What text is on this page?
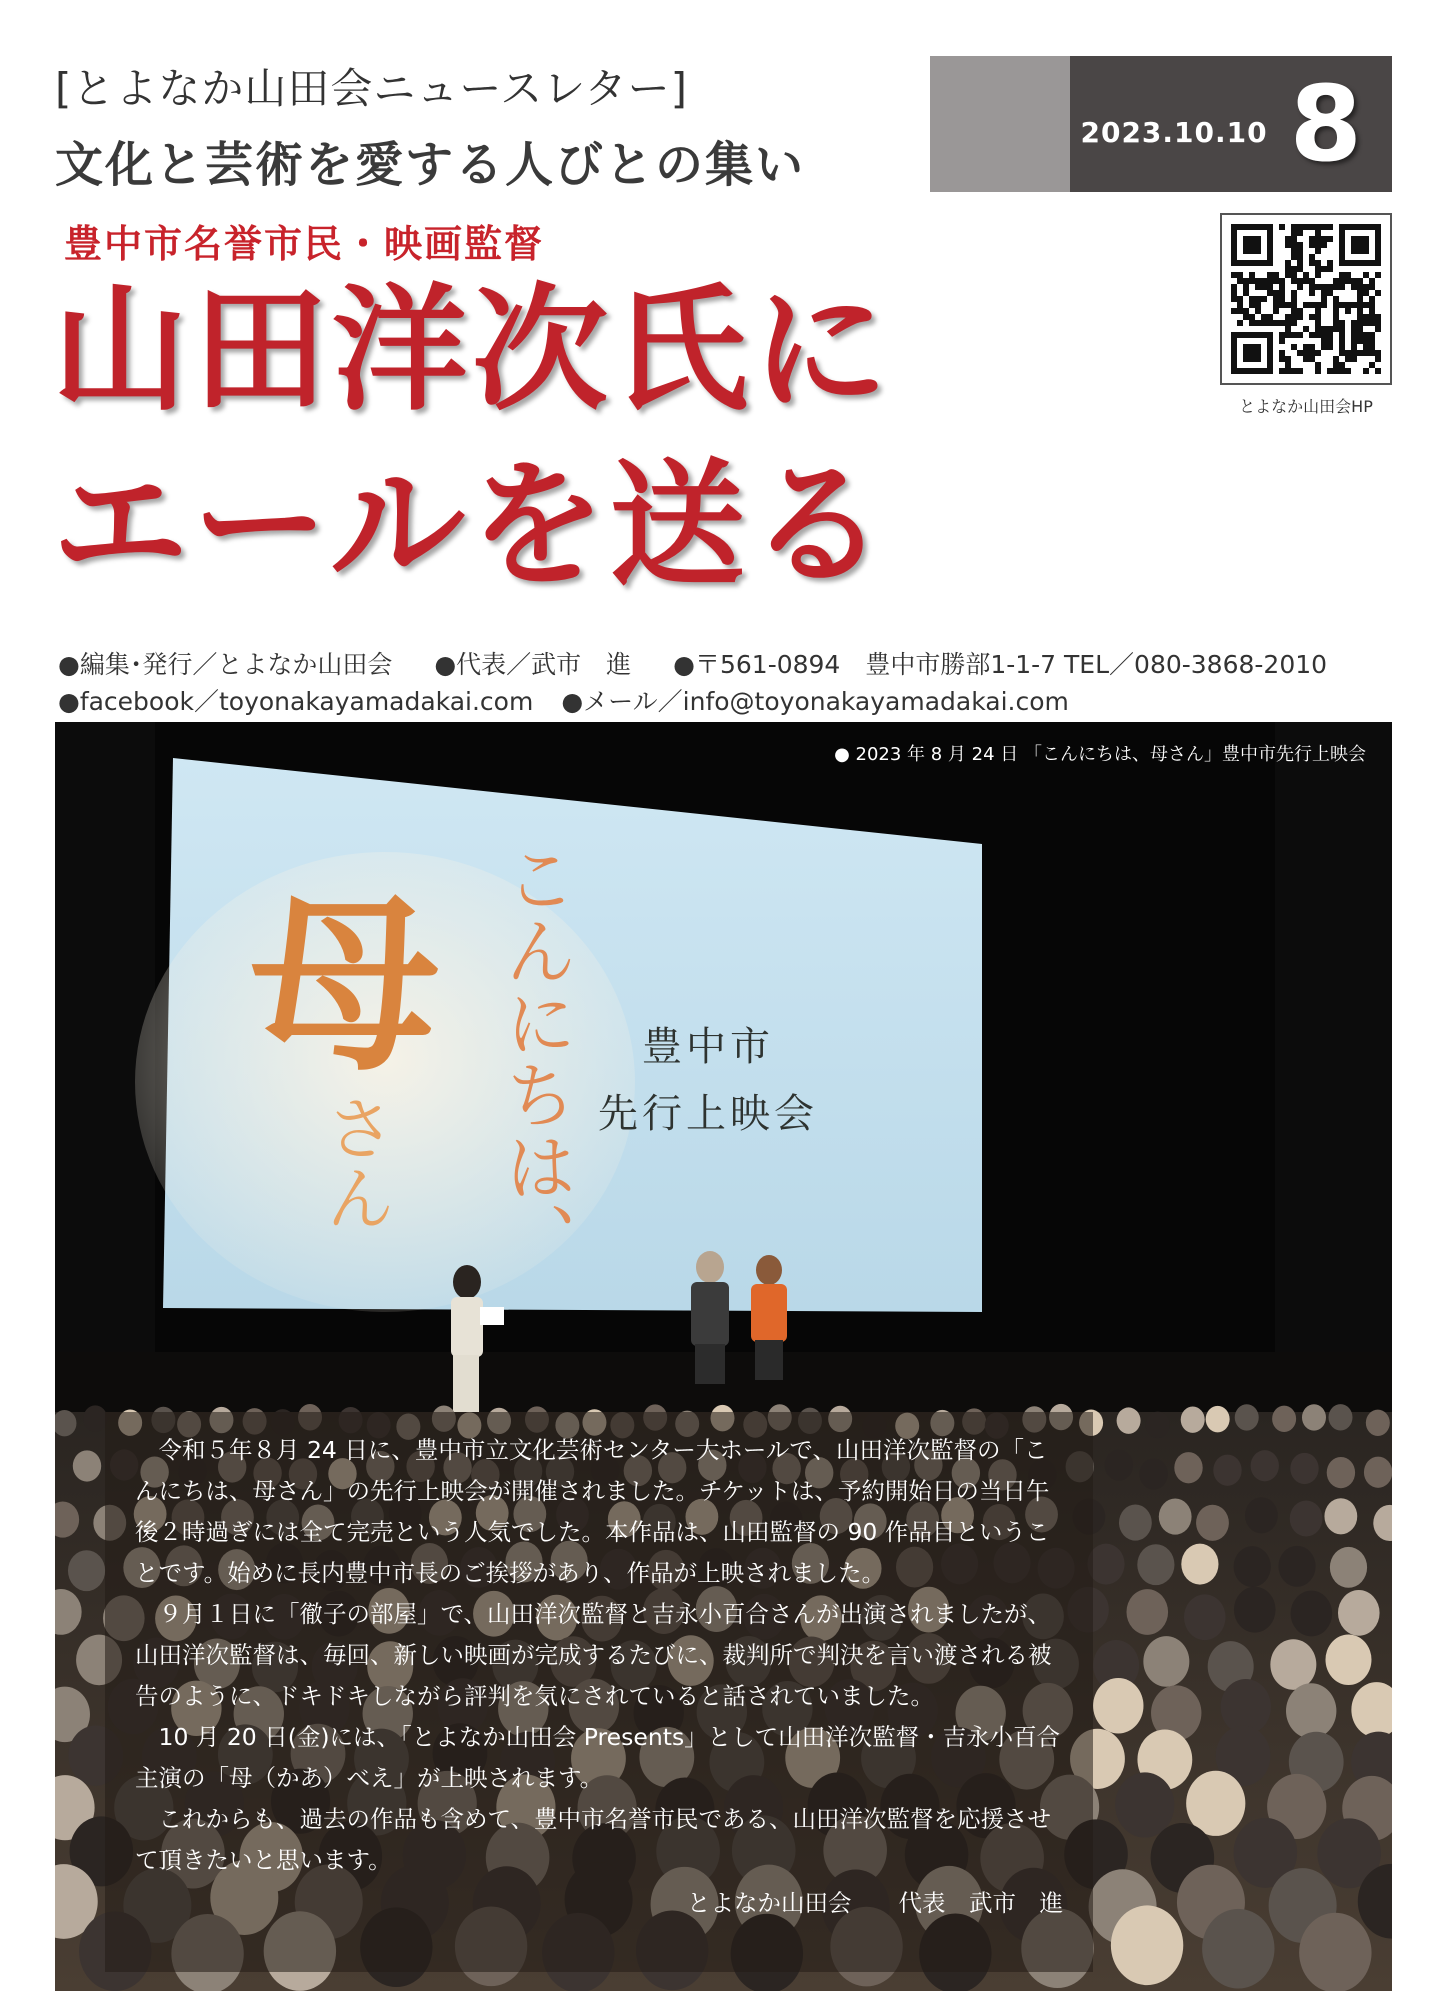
[とよなか山田会ニュースレター]
文化と芸術を愛する人びとの集い
2023.10.10 8
とよなか山田会HP
豊中市名誉市民・映画監督
山田洋次氏に
エールを送る
●編集･発行／とよなか山田会 ●代表／武市　進 ●〒561-0894　豊中市勝部1-1-7 TEL／080-3868-2010
●facebook／toyonakayamadakai.com ●メール／info@toyonakayamadakai.com
母 こんにちは、
さん
豊中市
先行上映会
● 2023 年 8 月 24 日 「こんにちは、母さん」豊中市先行上映会

令和５年８月 24 日に、豊中市立文化芸術センター大ホールで、山田洋次監督の「こんにちは、母さん」の先行上映会が開催されました。チケットは、予約開始日の当日午後２時過ぎには全て完売という人気でした。本作品は、山田監督の 90 作品目ということです。始めに長内豊中市長のご挨拶があり、作品が上映されました。

９月１日に「徹子の部屋」で、山田洋次監督と吉永小百合さんが出演されましたが、山田洋次監督は、毎回、新しい映画が完成するたびに、裁判所で判決を言い渡される被告のように、ドキドキしながら評判を気にされていると話されていました。

10 月 20 日(金)には、「とよなか山田会 Presents」として山田洋次監督・吉永小百合主演の「母（かあ）べえ」が上映されます。

これからも、過去の作品も含めて、豊中市名誉市民である、山田洋次監督を応援させて頂きたいと思います。

とよなか山田会　　代表　武市　進
